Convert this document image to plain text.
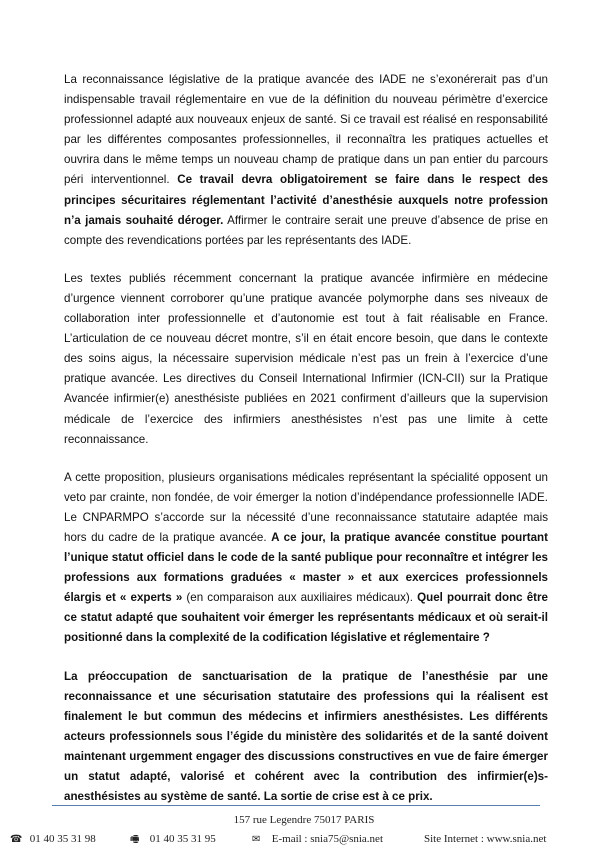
La reconnaissance législative de la pratique avancée des IADE ne s’exonérerait pas d’un indispensable travail réglementaire en vue de la définition du nouveau périmètre d’exercice professionnel adapté aux nouveaux enjeux de santé. Si ce travail est réalisé en responsabilité par les différentes composantes professionnelles, il reconnaîtra les pratiques actuelles et ouvrira dans le même temps un nouveau champ de pratique dans un pan entier du parcours péri interventionnel. Ce travail devra obligatoirement se faire dans le respect des principes sécuritaires réglementant l’activité d’anesthésie auxquels notre profession n’a jamais souhaité déroger. Affirmer le contraire serait une preuve d’absence de prise en compte des revendications portées par les représentants des IADE.

Les textes publiés récemment concernant la pratique avancée infirmière en médecine d’urgence viennent corroborer qu’une pratique avancée polymorphe dans ses niveaux de collaboration inter professionnelle et d’autonomie est tout à fait réalisable en France. L’articulation de ce nouveau décret montre, s’il en était encore besoin, que dans le contexte des soins aigus, la nécessaire supervision médicale n’est pas un frein à l’exercice d’une pratique avancée. Les directives du Conseil International Infirmier (ICN-CII) sur la Pratique Avancée infirmier(e) anesthésiste publiées en 2021 confirment d’ailleurs que la supervision médicale de l’exercice des infirmiers anesthésistes n’est pas une limite à cette reconnaissance.

A cette proposition, plusieurs organisations médicales représentant la spécialité opposent un veto par crainte, non fondée, de voir émerger la notion d’indépendance professionnelle IADE. Le CNPARMPO s’accorde sur la nécessité d’une reconnaissance statutaire adaptée mais hors du cadre de la pratique avancée. A ce jour, la pratique avancée constitue pourtant l’unique statut officiel dans le code de la santé publique pour reconnaître et intégrer les professions aux formations graduées « master » et aux exercices professionnels élargis et « experts » (en comparaison aux auxiliaires médicaux). Quel pourrait donc être ce statut adapté que souhaitent voir émerger les représentants médicaux et où serait-il positionné dans la complexité de la codification législative et réglementaire ?

La préoccupation de sanctuarisation de la pratique de l’anesthésie par une reconnaissance et une sécurisation statutaire des professions qui la réalisent est finalement le but commun des médecins et infirmiers anesthésistes. Les différents acteurs professionnels sous l’égide du ministère des solidarités et de la santé doivent maintenant urgemment engager des discussions constructives en vue de faire émerger un statut adapté, valorisé et cohérent avec la contribution des infirmier(e)s-anesthésistes au système de santé. La sortie de crise est à ce prix.

157 rue Legendre 75017 PARIS
☎ 01 40 35 31 98	🖷 01 40 35 31 95	✉ E-mail : snia75@snia.net	Site Internet : www.snia.net
